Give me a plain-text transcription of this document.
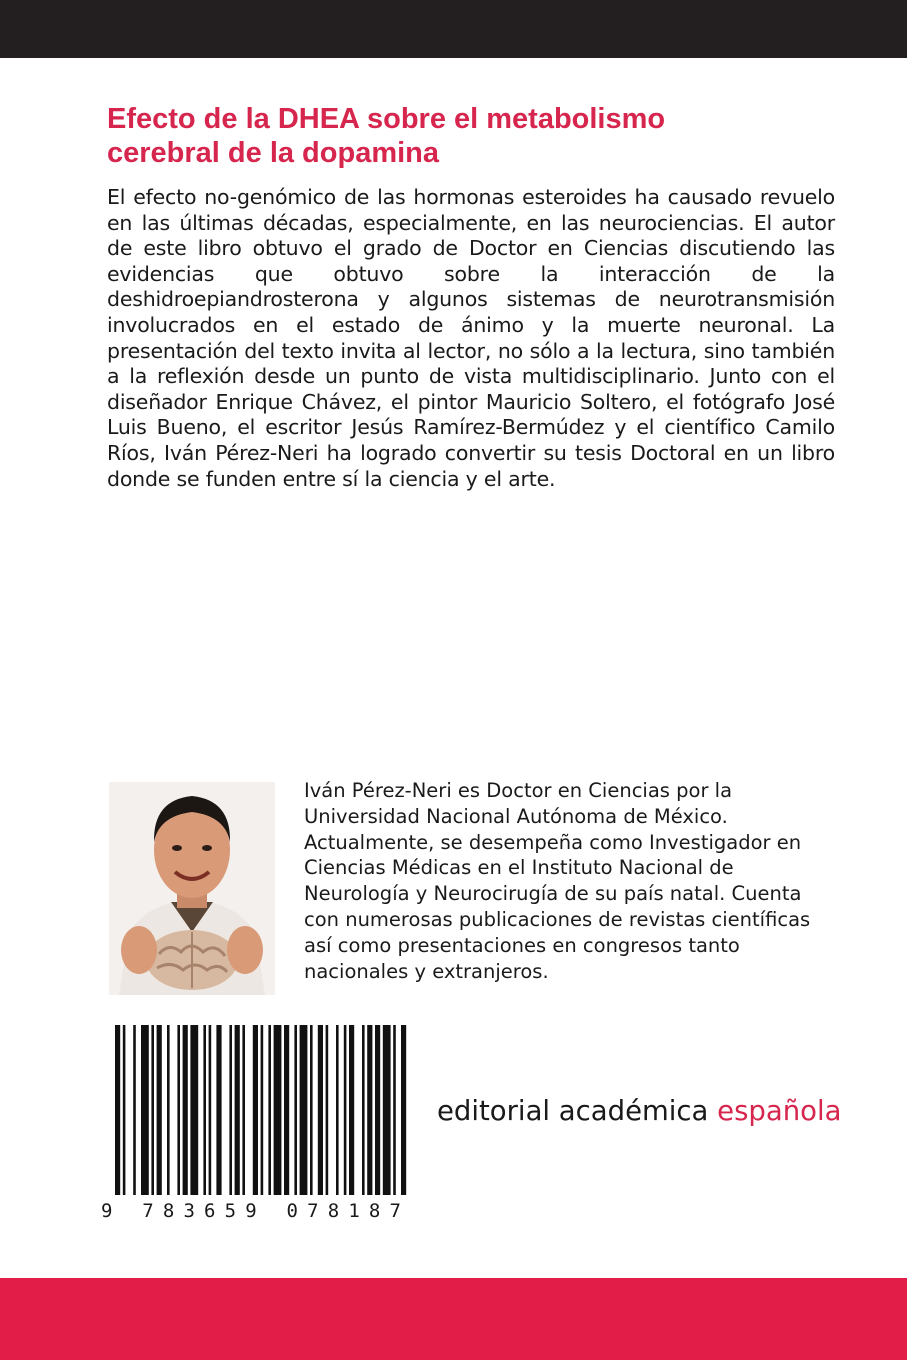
Efecto de la DHEA sobre el metabolismo
cerebral de la dopamina

El efecto no-genómico de las hormonas esteroides ha causado revuelo en las últimas décadas, especialmente, en las neurociencias. El autor de este libro obtuvo el grado de Doctor en Ciencias discutiendo las evidencias que obtuvo sobre la interacción de la deshidroepiandrosterona y algunos sistemas de neurotransmisión involucrados en el estado de ánimo y la muerte neuronal. La presentación del texto invita al lector, no sólo a la lectura, sino también a la reflexión desde un punto de vista multidisciplinario. Junto con el diseñador Enrique Chávez, el pintor Mauricio Soltero, el fotógrafo José Luis Bueno, el escritor Jesús Ramírez-Bermúdez y el científico Camilo Ríos, Iván Pérez-Neri ha logrado convertir su tesis Doctoral en un libro donde se funden entre sí la ciencia y el arte.

Iván Pérez-Neri es Doctor en Ciencias por la
Universidad Nacional Autónoma de México.
Actualmente, se desempeña como Investigador en
Ciencias Médicas en el Instituto Nacional de
Neurología y Neurocirugía de su país natal. Cuenta
con numerosas publicaciones de revistas científicas
así como presentaciones en congresos tanto
nacionales y extranjeros.
9 783659 078187
editorial académica española
